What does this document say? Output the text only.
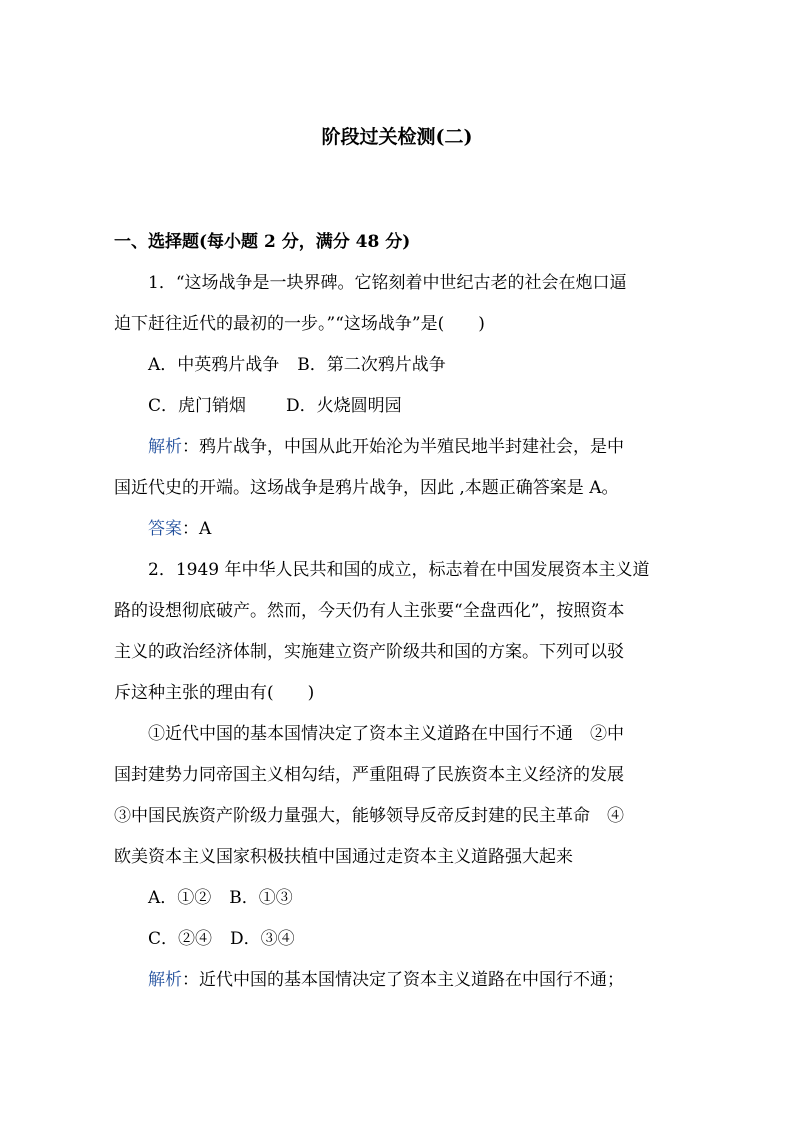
阶段过关检测(二)
一、选择题(每小题 2 分，满分 48 分)
1．“这场战争是一块界碑。它铭刻着中世纪古老的社会在炮口逼
迫下赶往近代的最初的一步。”“这场战争”是(　　)
A．中英鸦片战争 B．第二次鸦片战争
C．虎门销烟 D．火烧圆明园
解析：鸦片战争，中国从此开始沦为半殖民地半封建社会，是中
国近代史的开端。这场战争是鸦片战争，因此 ,本题正确答案是 A。
答案：A
2．1949 年中华人民共和国的成立，标志着在中国发展资本主义道
路的设想彻底破产。然而，今天仍有人主张要“全盘西化”，按照资本
主义的政治经济体制，实施建立资产阶级共和国的方案。下列可以驳
斥这种主张的理由有(　　)
①近代中国的基本国情决定了资本主义道路在中国行不通　②中
国封建势力同帝国主义相勾结，严重阻碍了民族资本主义经济的发展
③中国民族资产阶级力量强大，能够领导反帝反封建的民主革命　④
欧美资本主义国家积极扶植中国通过走资本主义道路强大起来
A．①② B．①③
C．②④ D．③④
解析：近代中国的基本国情决定了资本主义道路在中国行不通；
